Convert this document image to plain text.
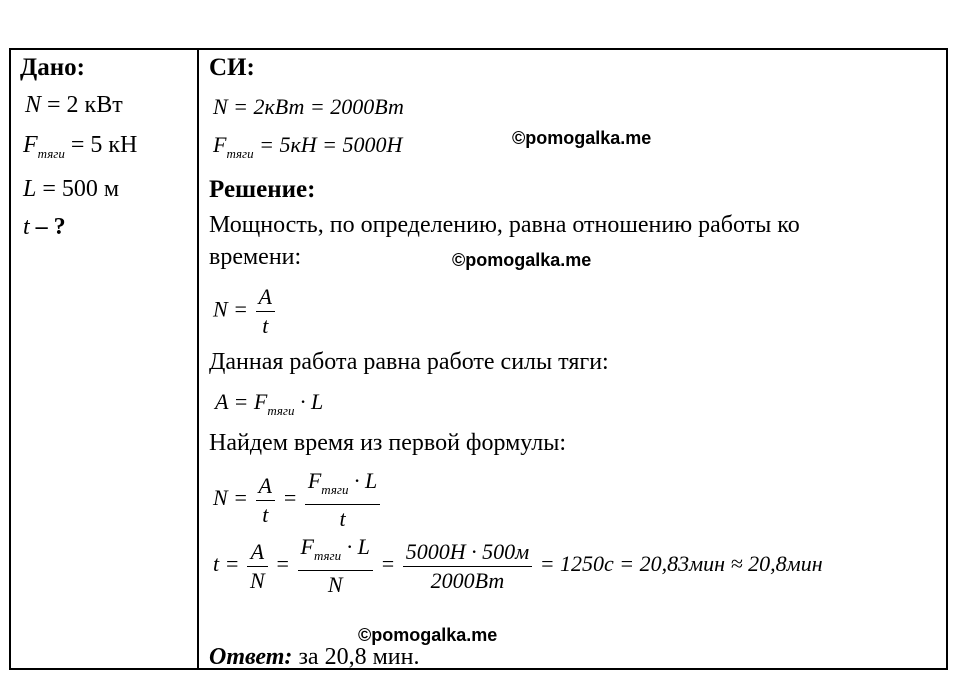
Дано:
N = 2 кВт
$F_{тяги} = 5$ кН
L = 500 м
t – ?
СИ:
N = 2кВт = 2000Вт
$F_{тяги} = 5кН = 5000Н$
Решение:
Мощность, по определению, равна отношению работы ко
времени:
$N = \frac{A}{t}$
Данная работа равна работе силы тяги:
$A = F_{тяги} \cdot L$
Найдем время из первой формулы:
$N = \frac{A}{t} = \frac{F_{тяги} \cdot L}{t}$
$t = \frac{A}{N} = \frac{F_{тяги} \cdot L}{N} = \frac{5000Н \cdot 500м}{2000Вт} = 1250с = 20,83мин \approx 20,8мин$
Ответ: за 20,8 мин.
©pomogalka.me
©pomogalka.me
©pomogalka.me
